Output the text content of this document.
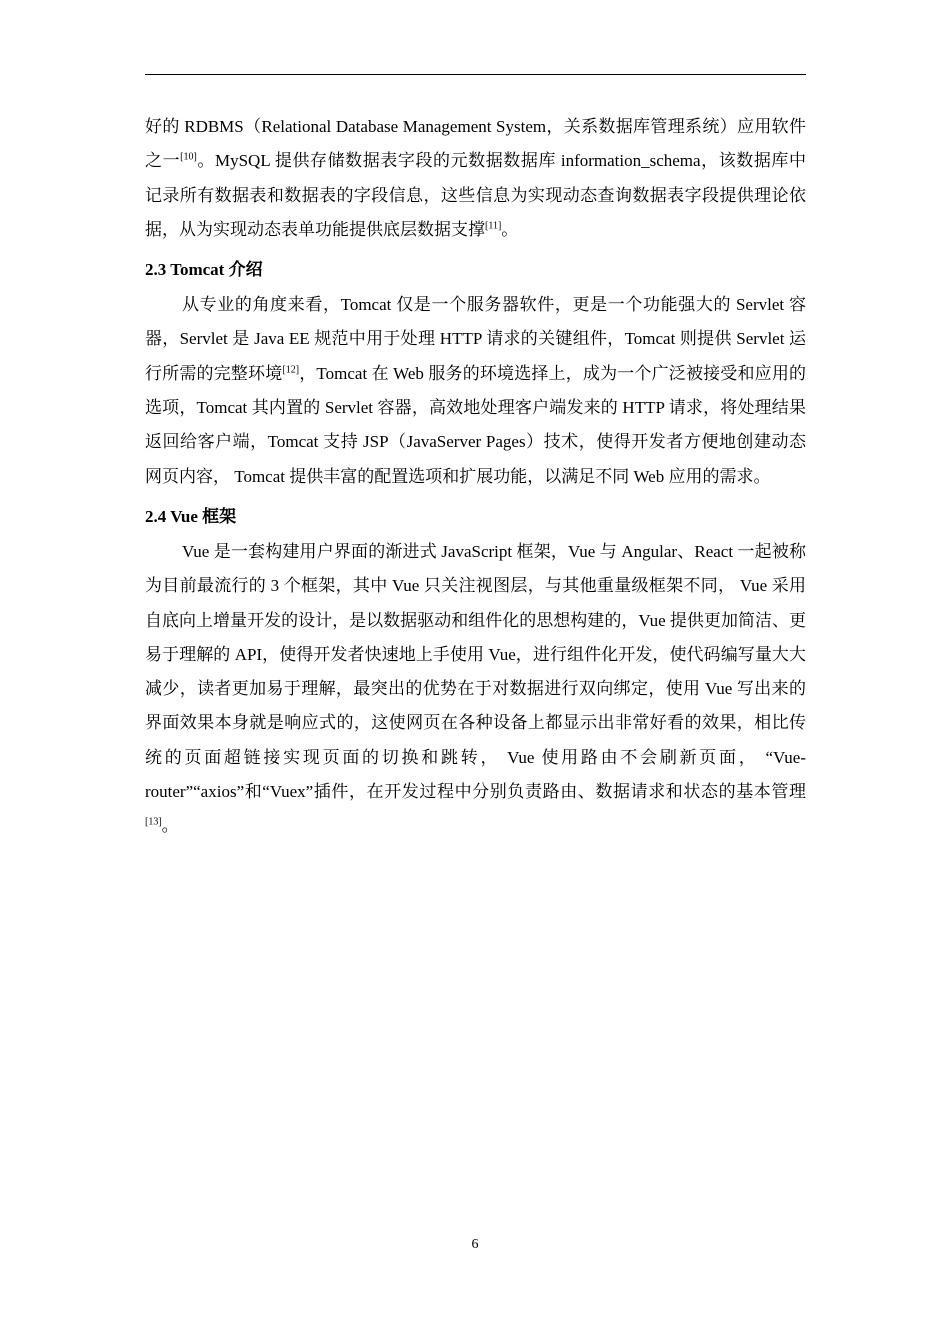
好的 RDBMS（Relational Database Management System，关系数据库管理系统）应用软件之一[10]。MySQL 提供存储数据表字段的元数据数据库 information_schema，该数据库中记录所有数据表和数据表的字段信息，这些信息为实现动态查询数据表字段提供理论依据，从为实现动态表单功能提供底层数据支撑[11]。

2.3 Tomcat 介绍

从专业的角度来看，Tomcat 仅是一个服务器软件，更是一个功能强大的 Servlet 容器，Servlet 是 Java EE 规范中用于处理 HTTP 请求的关键组件，Tomcat 则提供 Servlet 运行所需的完整环境[12]，Tomcat 在 Web 服务的环境选择上，成为一个广泛被接受和应用的选项，Tomcat 其内置的 Servlet 容器，高效地处理客户端发来的 HTTP 请求，将处理结果返回给客户端，Tomcat 支持 JSP（JavaServer Pages）技术，使得开发者方便地创建动态网页内容， Tomcat 提供丰富的配置选项和扩展功能，以满足不同 Web 应用的需求。

2.4 Vue 框架

Vue 是一套构建用户界面的渐进式 JavaScript 框架，Vue 与 Angular、React 一起被称为目前最流行的 3 个框架，其中 Vue 只关注视图层，与其他重量级框架不同， Vue 采用自底向上增量开发的设计，是以数据驱动和组件化的思想构建的，Vue 提供更加简洁、更易于理解的 API，使得开发者快速地上手使用 Vue，进行组件化开发，使代码编写量大大减少，读者更加易于理解，最突出的优势在于对数据进行双向绑定，使用 Vue 写出来的界面效果本身就是响应式的，这使网页在各种设备上都显示出非常好看的效果，相比传统的页面超链接实现页面的切换和跳转， Vue 使用路由不会刷新页面， “Vue-router”“axios”和“Vuex”插件，在开发过程中分别负责路由、数据请求和状态的基本管理[13]。

6
